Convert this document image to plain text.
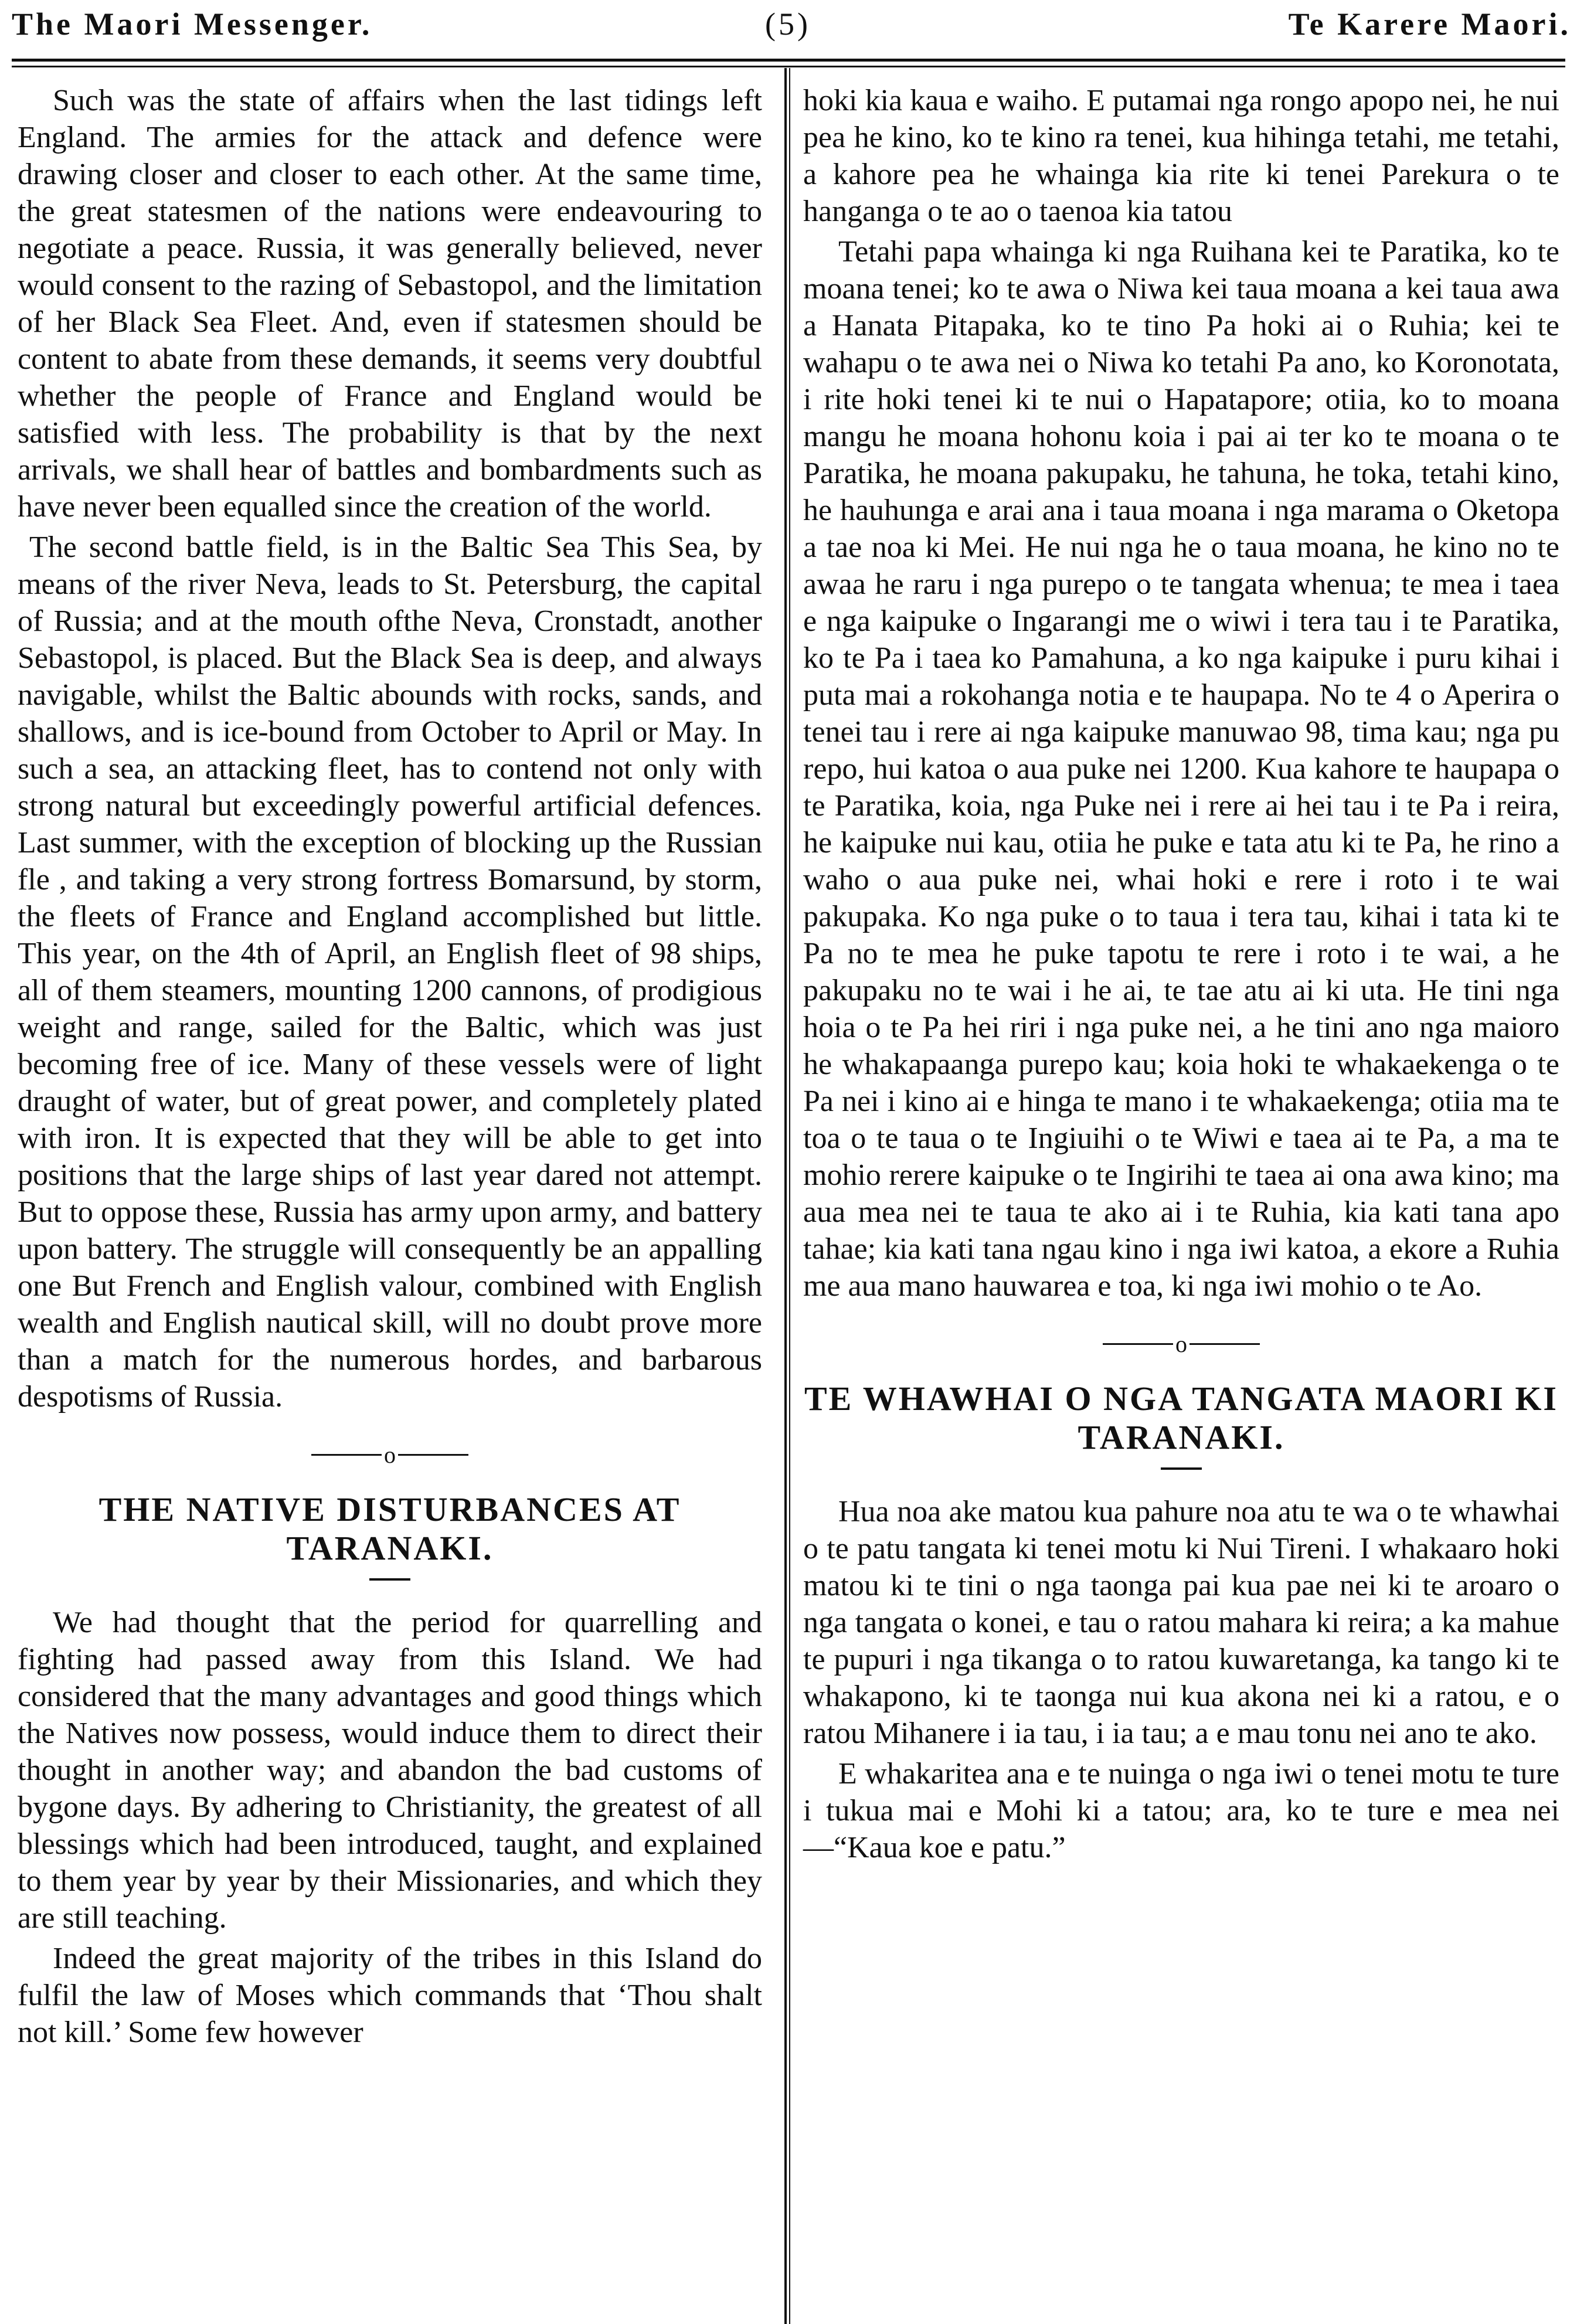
The Maori Messenger.	(5)	Te Karere Maori.

Such was the state of affairs when the last tidings left England. The armies for the attack and defence were drawing closer and closer to each other. At the same time, the great statesmen of the nations were endeavouring to negotiate a peace. Russia, it was generally believed, never would consent to the razing of Sebastopol, and the limitation of her Black Sea Fleet. And, even if statesmen should be content to abate from these demands, it seems very doubtful whether the people of France and England would be satisfied with less. The probability is that by the next arrivals, we shall hear of battles and bombardments such as have never been equalled since the creation of the world.

The second battle field, is in the Baltic Sea This Sea, by means of the river Neva, leads to St. Petersburg, the capital of Russia; and at the mouth ofthe Neva, Cronstadt, another Sebastopol, is placed. But the Black Sea is deep, and always navigable, whilst the Baltic abounds with rocks, sands, and shallows, and is ice-bound from October to April or May. In such a sea, an attacking fleet, has to contend not only with strong natural but exceedingly powerful artificial defences. Last summer, with the exception of blocking up the Russian fle , and taking a very strong fortress Bomarsund, by storm, the fleets of France and England accomplished but little. This year, on the 4th of April, an English fleet of 98 ships, all of them steamers, mounting 1200 cannons, of prodigious weight and range, sailed for the Baltic, which was just becoming free of ice. Many of these vessels were of light draught of water, but of great power, and completely plated with iron. It is expected that they will be able to get into positions that the large ships of last year dared not attempt. But to oppose these, Russia has army upon army, and battery upon battery. The struggle will consequently be an appalling one But French and English valour, combined with English wealth and English nautical skill, will no doubt prove more than a match for the numerous hordes, and barbarous despotisms of Russia.

o
THE NATIVE DISTURBANCES AT TARANAKI.

We had thought that the period for quarrelling and fighting had passed away from this Island. We had considered that the many advantages and good things which the Natives now possess, would induce them to direct their thought in another way; and abandon the bad customs of bygone days. By adhering to Christianity, the greatest of all blessings which had been introduced, taught, and explained to them year by year by their Missionaries, and which they are still teaching.

Indeed the great majority of the tribes in this Island do fulfil the law of Moses which commands that ‘Thou shalt not kill.’ Some few however

hoki kia kaua e waiho. E putamai nga rongo apopo nei, he nui pea he kino, ko te kino ra tenei, kua hihinga tetahi, me tetahi, a kahore pea he whainga kia rite ki tenei Parekura o te hanganga o te ao o taenoa kia tatou

Tetahi papa whainga ki nga Ruihana kei te Paratika, ko te moana tenei; ko te awa o Niwa kei taua moana a kei taua awa a Hanata Pitapaka, ko te tino Pa hoki ai o Ruhia; kei te wahapu o te awa nei o Niwa ko tetahi Pa ano, ko Koronotata, i rite hoki tenei ki te nui o Hapatapore; otiia, ko to moana mangu he moana hohonu koia i pai ai ter ko te moana o te Paratika, he moana pakupaku, he tahuna, he toka, tetahi kino, he hauhunga e arai ana i taua moana i nga marama o Oketopa a tae noa ki Mei. He nui nga he o taua moana, he kino no te awaa he raru i nga purepo o te tangata whenua; te mea i taea e nga kaipuke o Ingarangi me o wiwi i tera tau i te Paratika, ko te Pa i taea ko Pamahuna, a ko nga kaipuke i puru kihai i puta mai a rokohanga notia e te haupapa. No te 4 o Aperira o tenei tau i rere ai nga kaipuke manuwao 98, tima kau; nga pu repo, hui katoa o aua puke nei 1200. Kua kahore te haupapa o te Paratika, koia, nga Puke nei i rere ai hei tau i te Pa i reira, he kaipuke nui kau, otiia he puke e tata atu ki te Pa, he rino a waho o aua puke nei, whai hoki e rere i roto i te wai pakupaka. Ko nga puke o to taua i tera tau, kihai i tata ki te Pa no te mea he puke tapotu te rere i roto i te wai, a he pakupaku no te wai i he ai, te tae atu ai ki uta. He tini nga hoia o te Pa hei riri i nga puke nei, a he tini ano nga maioro he whakapaanga purepo kau; koia hoki te whakaekenga o te Pa nei i kino ai e hinga te mano i te whakaekenga; otiia ma te toa o te taua o te Ingiuihi o te Wiwi e taea ai te Pa, a ma te mohio rerere kaipuke o te Ingirihi te taea ai ona awa kino; ma aua mea nei te taua te ako ai i te Ruhia, kia kati tana apo tahae; kia kati tana ngau kino i nga iwi katoa, a ekore a Ruhia me aua mano hauwarea e toa, ki nga iwi mohio o te Ao.

o
TE WHAWHAI O NGA TANGATA MAORI KI TARANAKI.

Hua noa ake matou kua pahure noa atu te wa o te whawhai o te patu tangata ki tenei motu ki Nui Tireni. I whakaaro hoki matou ki te tini o nga taonga pai kua pae nei ki te aroaro o nga tangata o konei, e tau o ratou mahara ki reira; a ka mahue te pupuri i nga tikanga o to ratou kuwaretanga, ka tango ki te whakapono, ki te taonga nui kua akona nei ki a ratou, e o ratou Mihanere i ia tau, i ia tau; a e mau tonu nei ano te ako.

E whakaritea ana e te nuinga o nga iwi o tenei motu te ture i tukua mai e Mohi ki a tatou; ara, ko te ture e mea nei—“Kaua koe e patu.”
